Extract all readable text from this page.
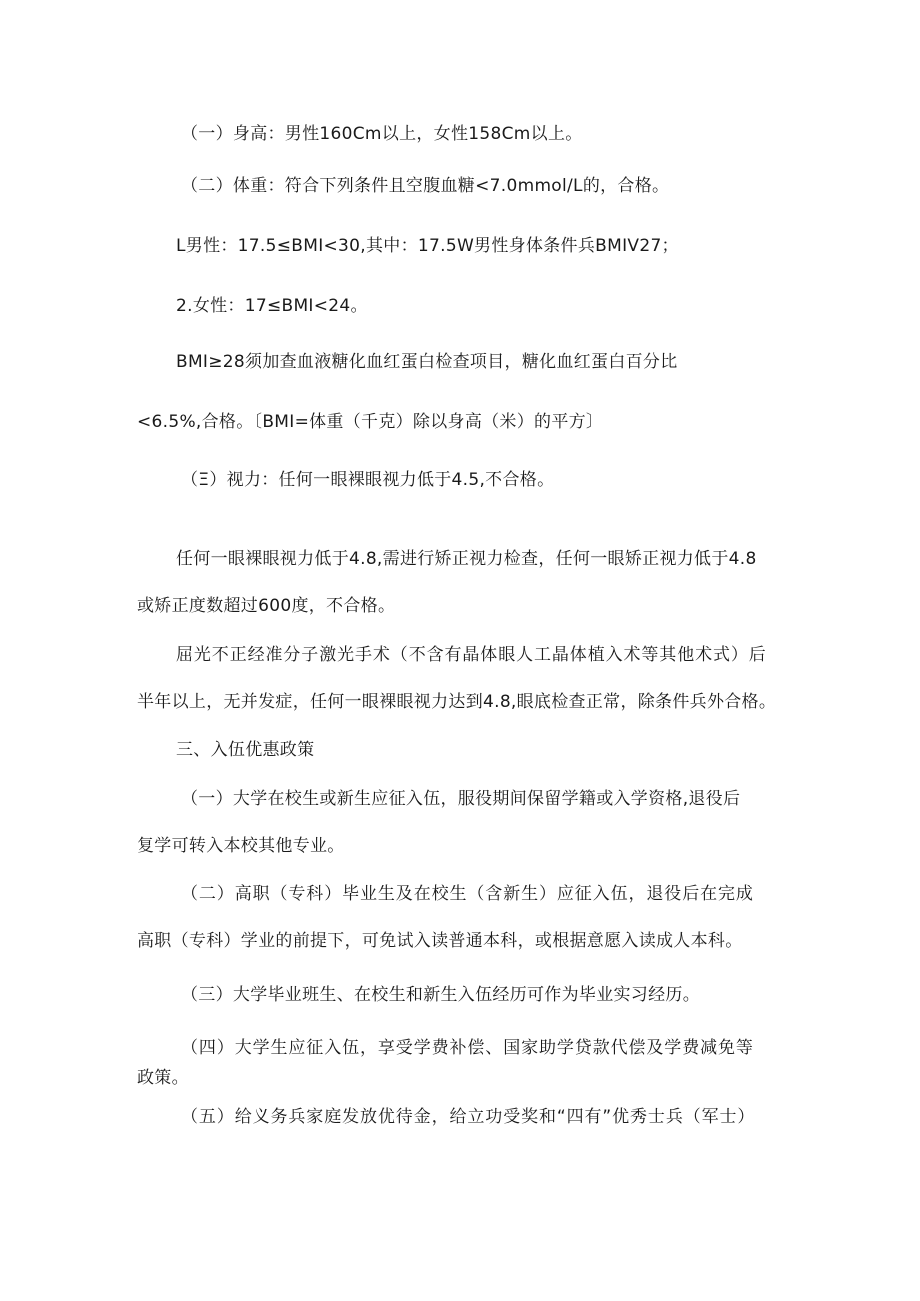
（一）身高：男性160Cm以上，女性158Cm以上。
（二）体重：符合下列条件且空腹血糖<7.0mmol/L的，合格。
L男性：17.5≤BMI<30,其中：17.5W男性身体条件兵BMIV27；
2.女性：17≤BMI<24。
BMI≥28须加查血液糖化血红蛋白检查项目，糖化血红蛋白百分比
<6.5%,合格。〔BMI=体重（千克）除以身高（米）的平方〕
（Ξ）视力：任何一眼裸眼视力低于4.5,不合格。
任何一眼裸眼视力低于4.8,需进行矫正视力检查，任何一眼矫正视力低于4.8
或矫正度数超过600度，不合格。
屈光不正经准分子激光手术（不含有晶体眼人工晶体植入术等其他术式）后
半年以上，无并发症，任何一眼裸眼视力达到4.8,眼底检查正常，除条件兵外合格。
三、入伍优惠政策
（一）大学在校生或新生应征入伍，服役期间保留学籍或入学资格,退役后
复学可转入本校其他专业。
（二）高职（专科）毕业生及在校生（含新生）应征入伍，退役后在完成
高职（专科）学业的前提下，可免试入读普通本科，或根据意愿入读成人本科。
（三）大学毕业班生、在校生和新生入伍经历可作为毕业实习经历。
（四）大学生应征入伍，享受学费补偿、国家助学贷款代偿及学费减免等
政策。
（五）给义务兵家庭发放优待金，给立功受奖和“四有”优秀士兵（军士）
